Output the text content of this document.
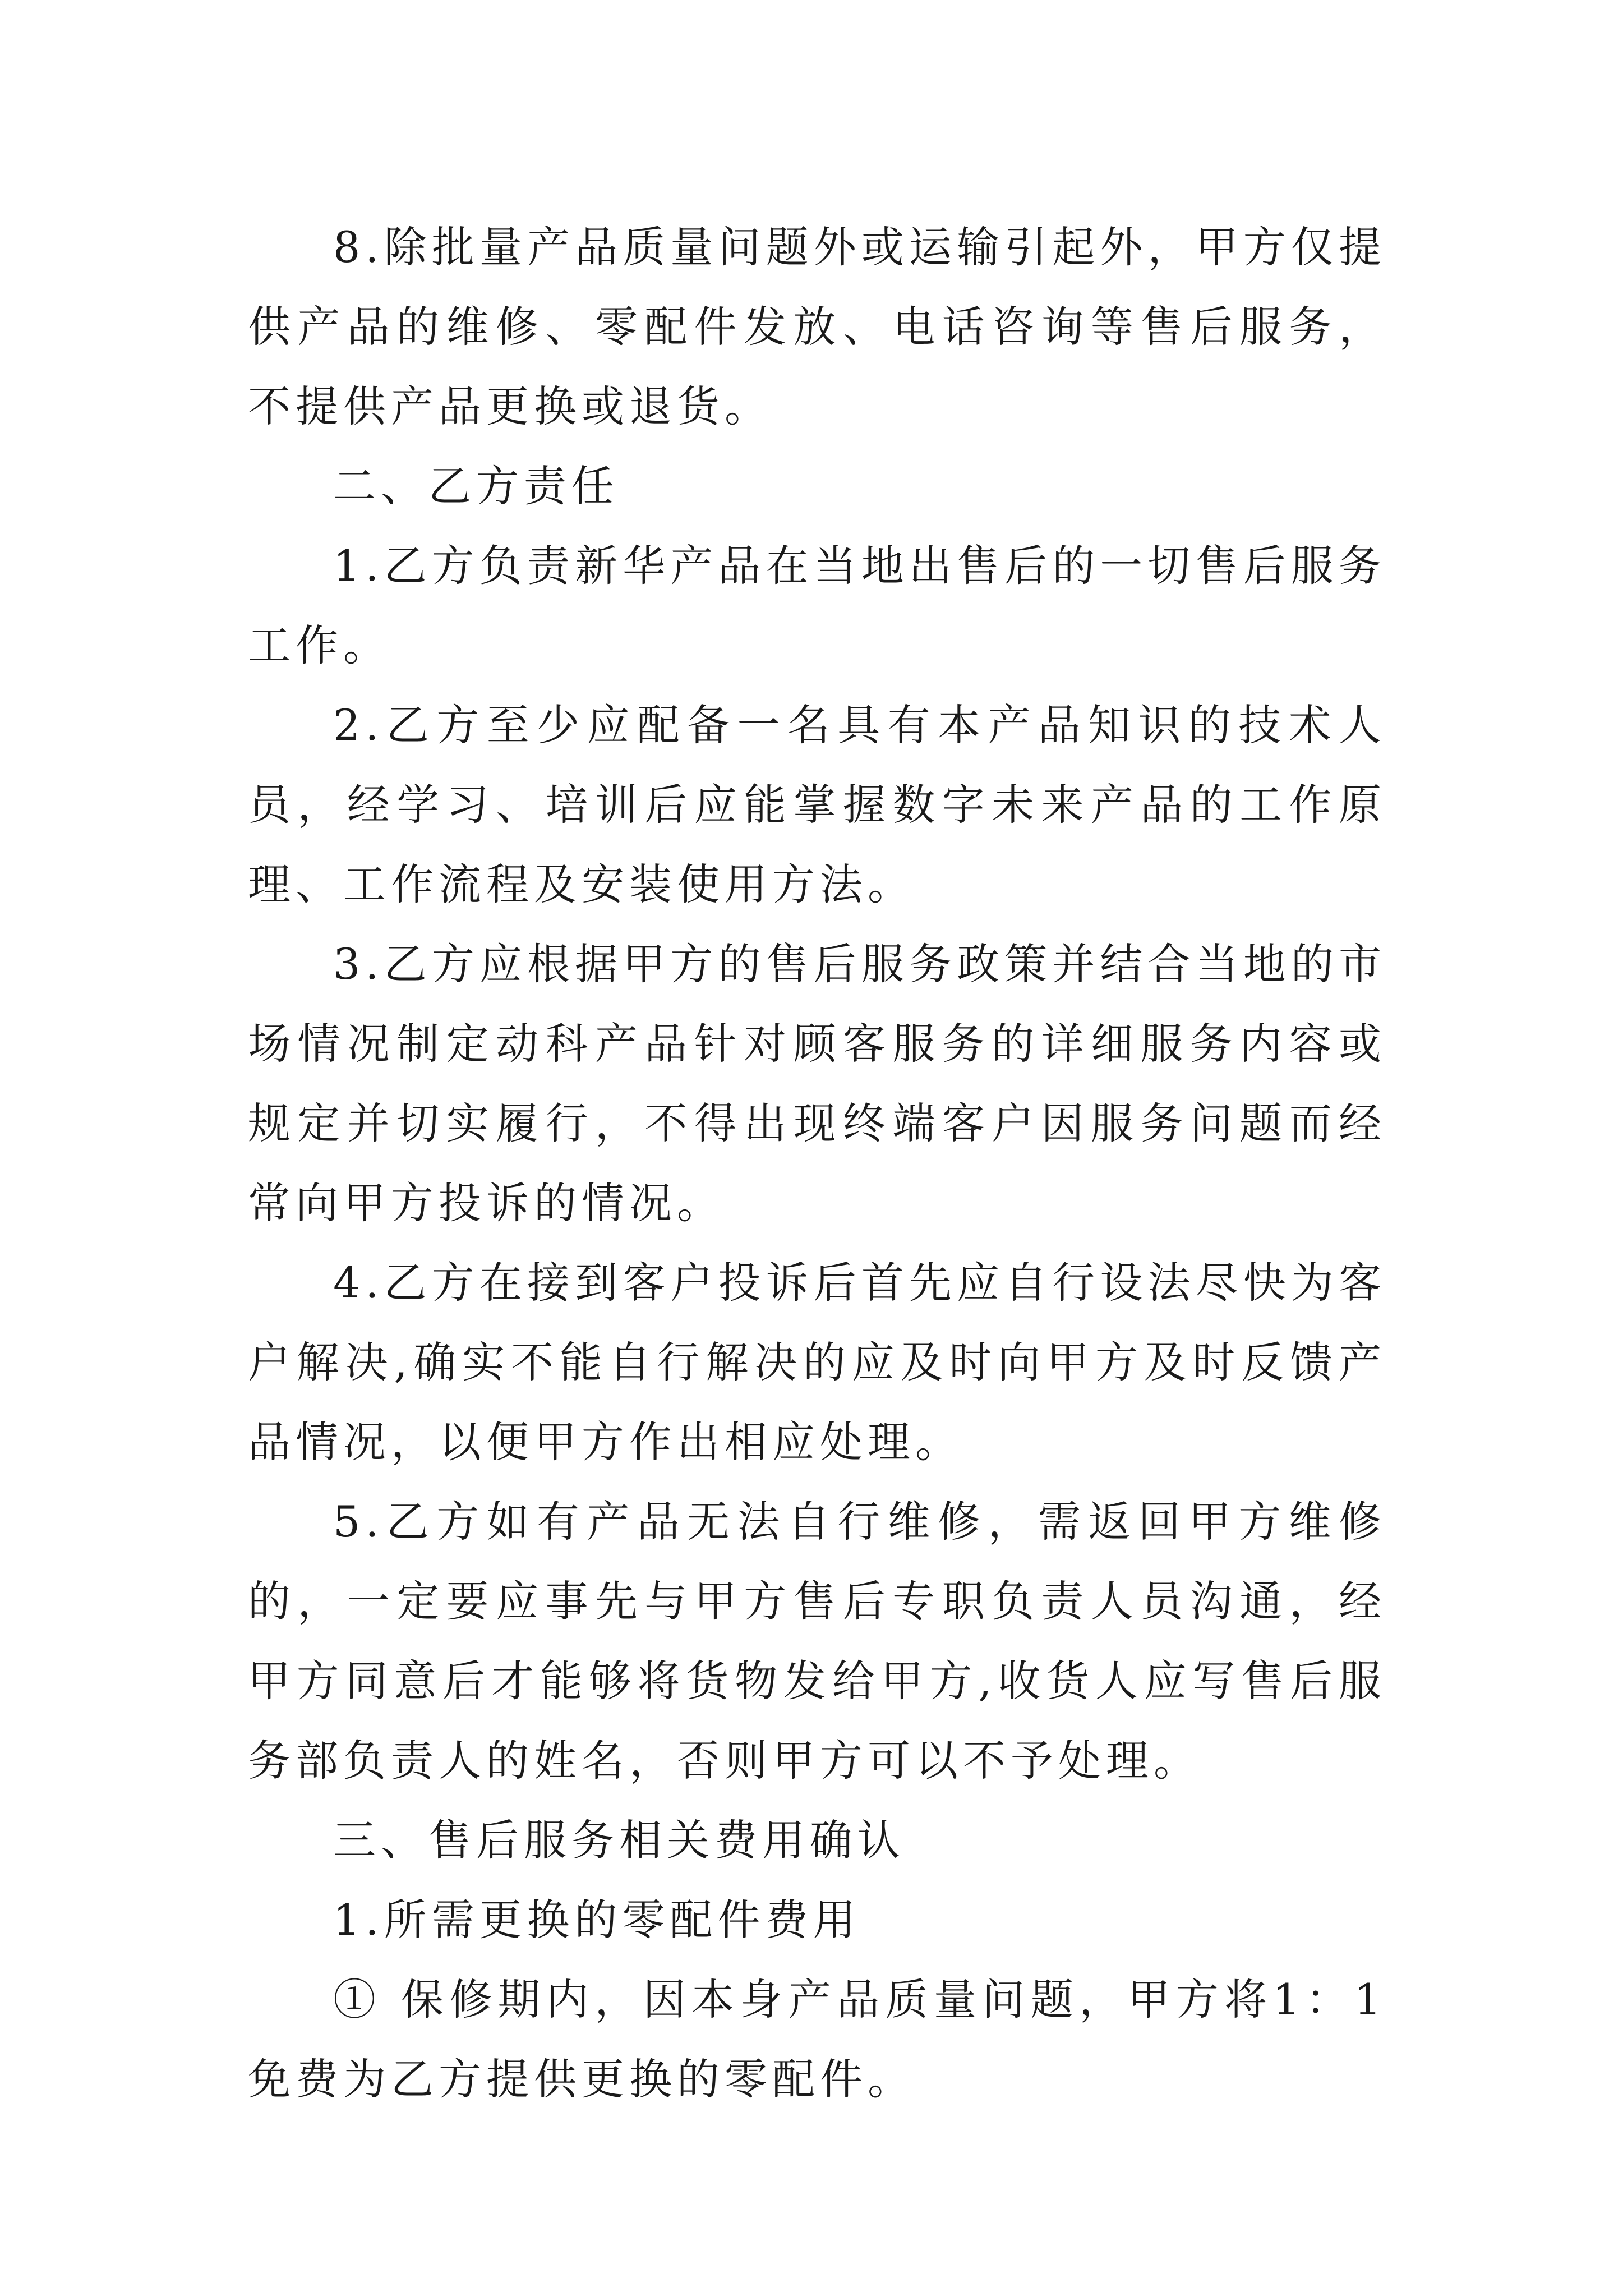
8.除批量产品质量问题外或运输引起外，甲方仅提供产品的维修、零配件发放、电话咨询等售后服务，不提供产品更换或退货。

二、乙方责任

1.乙方负责新华产品在当地出售后的一切售后服务工作。

2.乙方至少应配备一名具有本产品知识的技术人员，经学习、培训后应能掌握数字未来产品的工作原理、工作流程及安装使用方法。

3.乙方应根据甲方的售后服务政策并结合当地的市场情况制定动科产品针对顾客服务的详细服务内容或规定并切实履行，不得出现终端客户因服务问题而经常向甲方投诉的情况。

4.乙方在接到客户投诉后首先应自行设法尽快为客户解决,确实不能自行解决的应及时向甲方及时反馈产品情况，以便甲方作出相应处理。

5.乙方如有产品无法自行维修，需返回甲方维修的，一定要应事先与甲方售后专职负责人员沟通，经甲方同意后才能够将货物发给甲方,收货人应写售后服务部负责人的姓名，否则甲方可以不予处理。

三、售后服务相关费用确认

1.所需更换的零配件费用

① 保修期内，因本身产品质量问题，甲方将1：1免费为乙方提供更换的零配件。
